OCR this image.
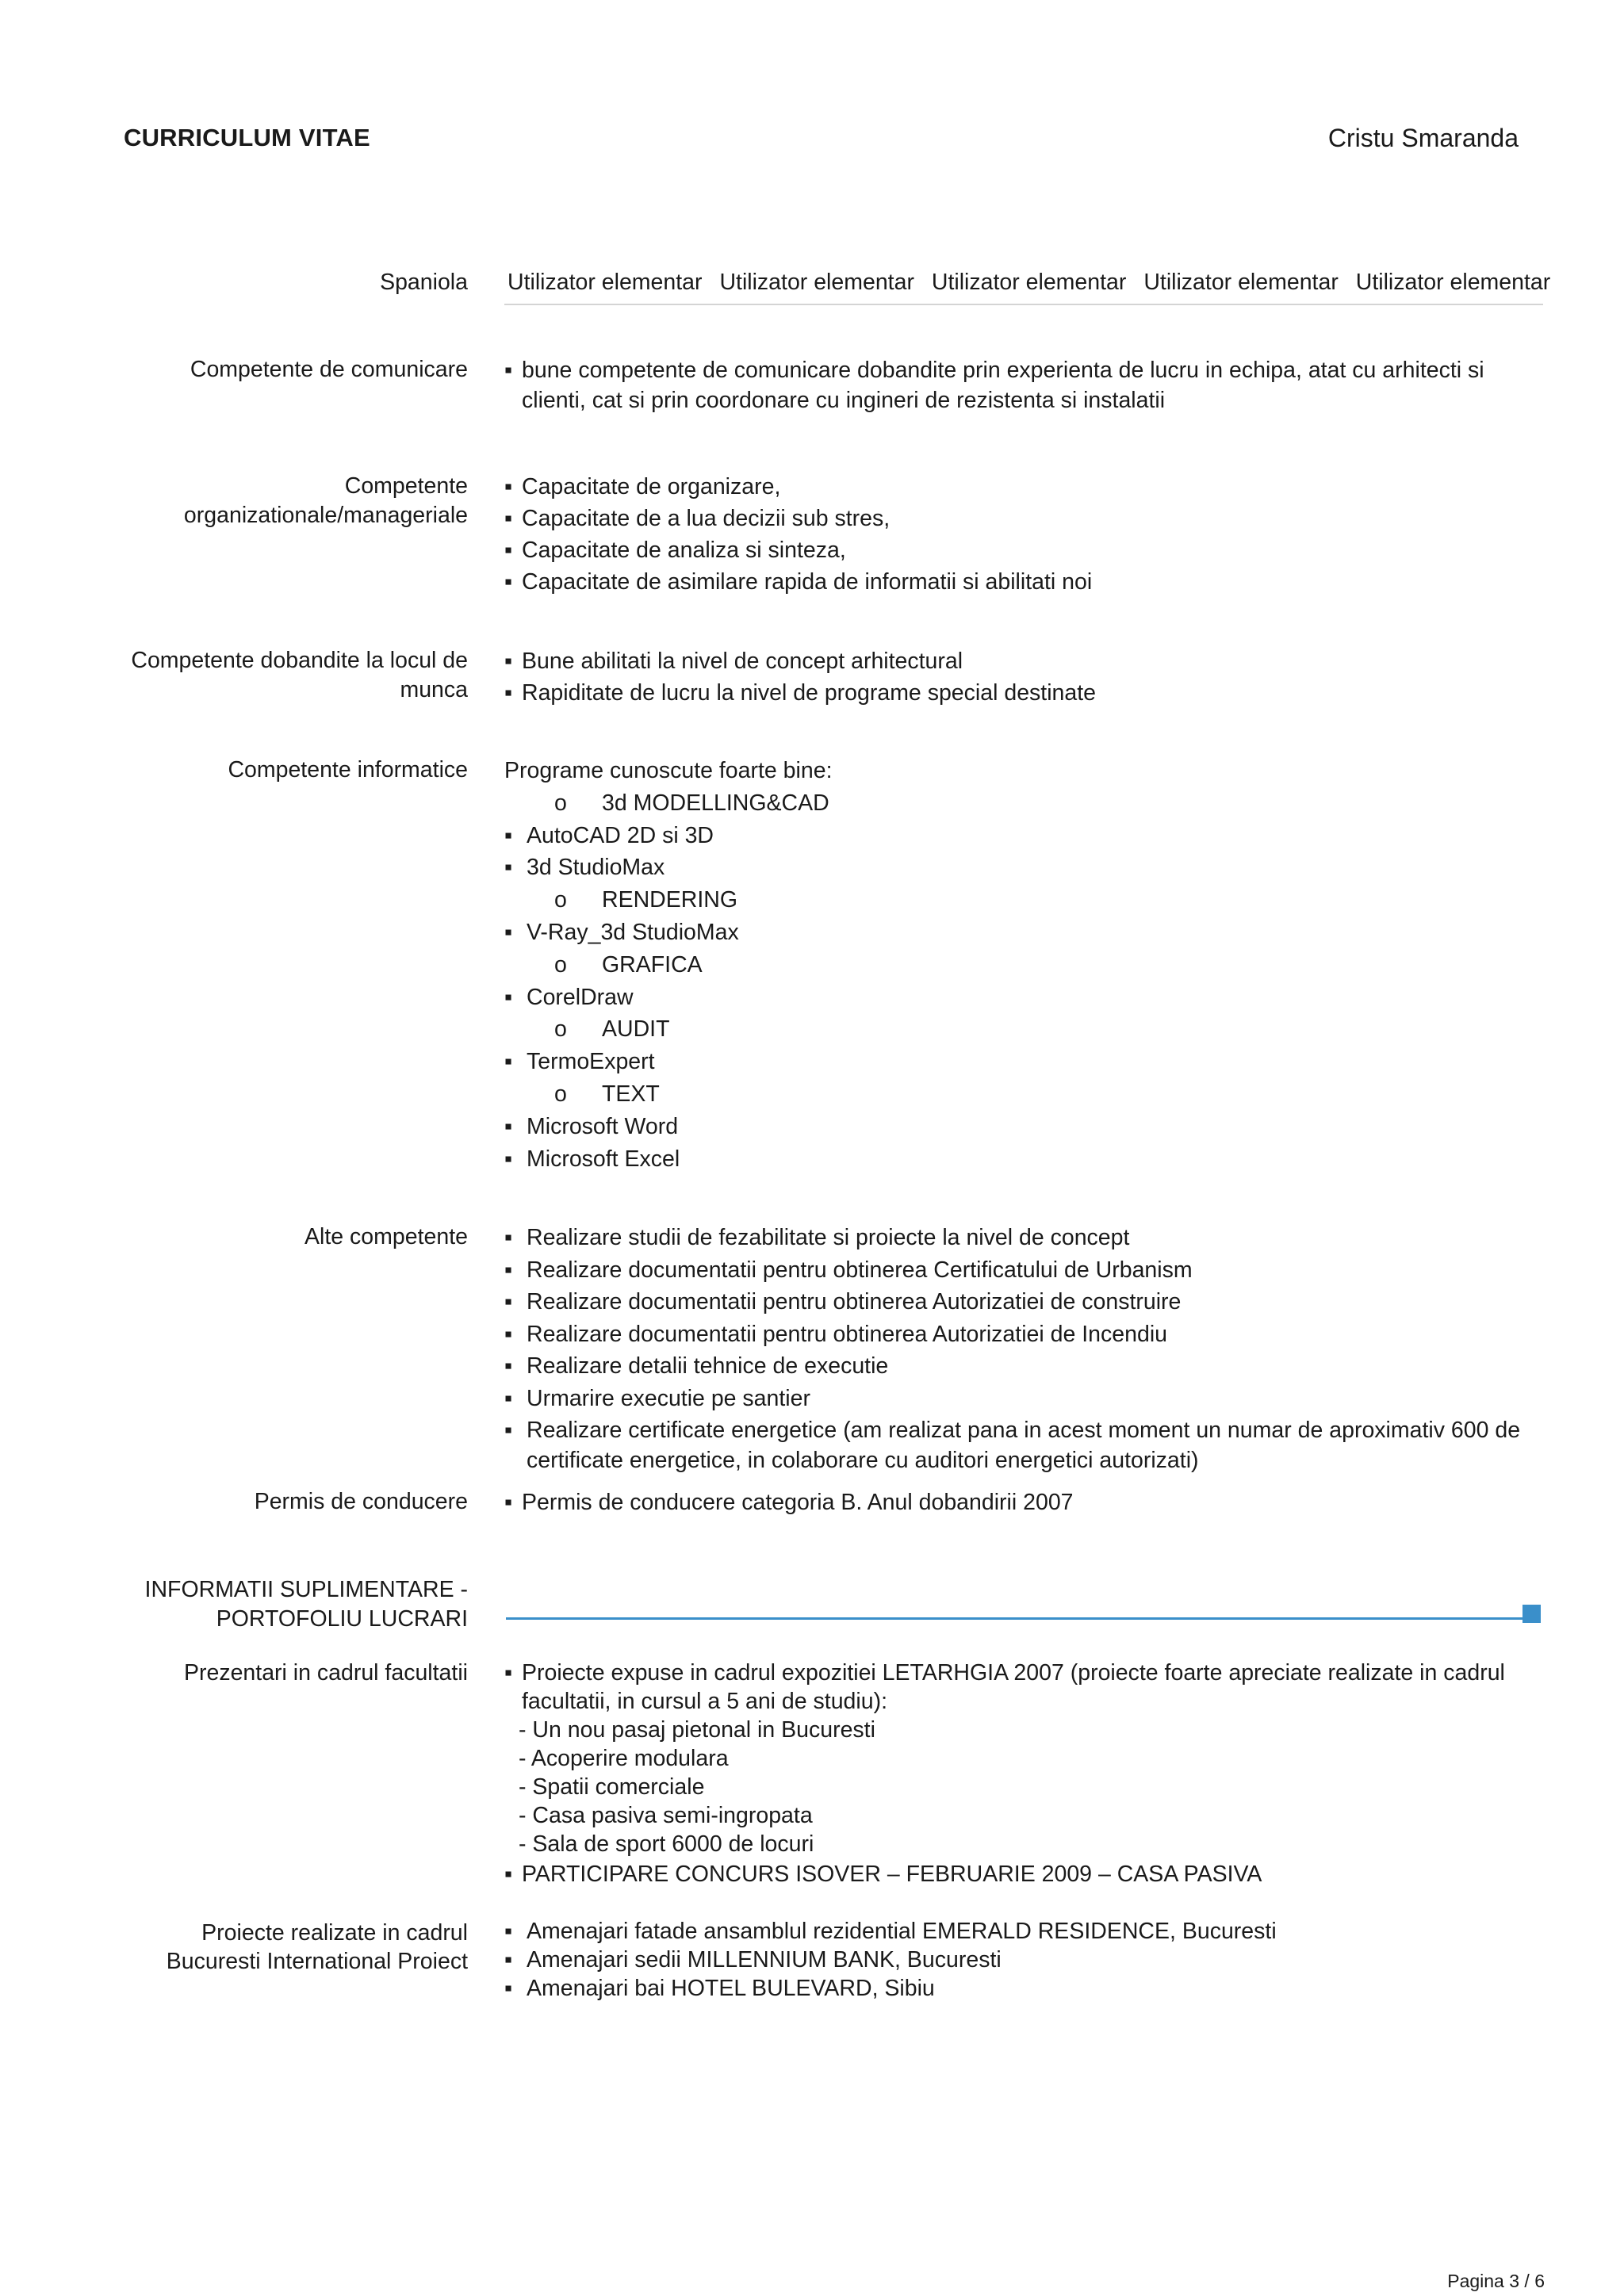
CURRICULUM VITAE	Cristu Smaranda
Spaniola Utilizator elementar Utilizator elementar Utilizator elementar Utilizator elementar Utilizator elementar
Competente de comunicare ▪ bune competente de comunicare dobandite prin experienta de lucru in echipa, atat cu arhitecti si
clienti, cat si prin coordonare cu ingineri de rezistenta si instalatii

Competente
organizationale/manageriale

▪ Capacitate de organizare,

▪ Capacitate de a lua decizii sub stres,

▪ Capacitate de analiza si sinteza,

▪ Capacitate de asimilare rapida de informatii si abilitati noi

Competente dobandite la locul de
munca

▪ Bune abilitati la nivel de concept arhitectural

▪ Rapiditate de lucru la nivel de programe special destinate

Competente informatice Programe cunoscute foarte bine:

o 3d MODELLING&CAD

▪ AutoCAD 2D si 3D

▪ 3d StudioMax

o RENDERING

▪ V-Ray_3d StudioMax

o GRAFICA

▪ CorelDraw

o AUDIT

▪ TermoExpert

o TEXT

▪ Microsoft Word

▪ Microsoft Excel

Alte competente ▪ Realizare studii de fezabilitate si proiecte la nivel de concept

▪ Realizare documentatii pentru obtinerea Certificatului de Urbanism

▪ Realizare documentatii pentru obtinerea Autorizatiei de construire

▪ Realizare documentatii pentru obtinerea Autorizatiei de Incendiu

▪ Realizare detalii tehnice de executie

▪ Urmarire executie pe santier

▪ Realizare certificate energetice (am realizat pana in acest moment un numar de aproximativ 600 de
certificate energetice, in colaborare cu auditori energetici autorizati)

Permis de conducere ▪ Permis de conducere categoria B. Anul dobandirii 2007

INFORMATII SUPLIMENTARE -
PORTOFOLIU LUCRARI
Prezentari in cadrul facultatii ▪ Proiecte expuse in cadrul expozitiei LETARHGIA 2007 (proiecte foarte apreciate realizate in cadrul
facultatii, in cursul a 5 ani de studiu):

- Un nou pasaj pietonal in Bucuresti

- Acoperire modulara

- Spatii comerciale

- Casa pasiva semi-ingropata

- Sala de sport 6000 de locuri

▪ PARTICIPARE CONCURS ISOVER – FEBRUARIE 2009 – CASA PASIVA

Proiecte realizate in cadrul
Bucuresti International Proiect

▪ Amenajari fatade ansamblul rezidential EMERALD RESIDENCE, Bucuresti

▪ Amenajari sedii MILLENNIUM BANK, Bucuresti

▪ Amenajari bai HOTEL BULEVARD, Sibiu

Pagina 3 / 6
